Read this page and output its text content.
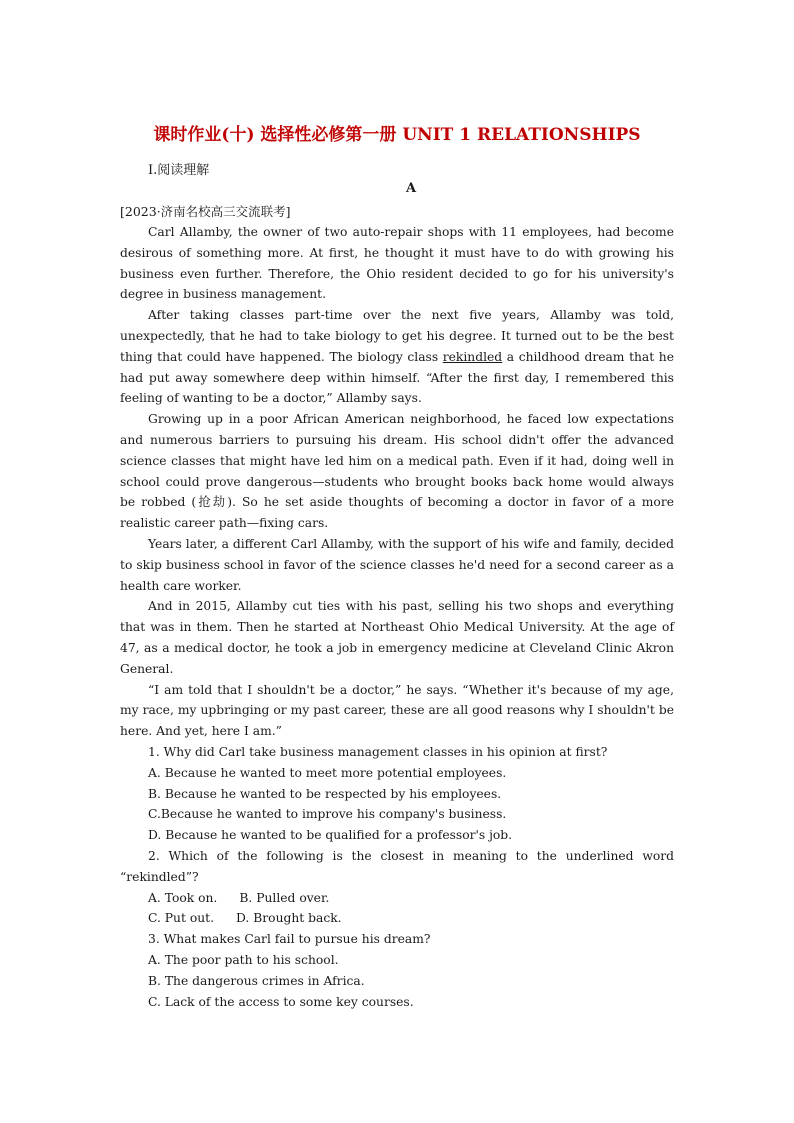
课时作业(十) 选择性必修第一册 UNIT 1 RELATIONSHIPS
Ⅰ.阅读理解
A
[2023·济南名校高三交流联考]

Carl Allamby, the owner of two auto-repair shops with 11 employees, had become desirous of something more. At first, he thought it must have to do with growing his business even further. Therefore, the Ohio resident decided to go for his university's degree in business management.

After taking classes part-time over the next five years, Allamby was told, unexpectedly, that he had to take biology to get his degree. It turned out to be the best thing that could have happened. The biology class rekindled a childhood dream that he had put away somewhere deep within himself. “After the first day, I remembered this feeling of wanting to be a doctor,” Allamby says.

Growing up in a poor African American neighborhood, he faced low expectations and numerous barriers to pursuing his dream. His school didn't offer the advanced science classes that might have led him on a medical path. Even if it had, doing well in school could prove dangerous—students who brought books back home would always be robbed (抢劫). So he set aside thoughts of becoming a doctor in favor of a more realistic career path—fixing cars.

Years later, a different Carl Allamby, with the support of his wife and family, decided to skip business school in favor of the science classes he'd need for a second career as a health care worker.

And in 2015, Allamby cut ties with his past, selling his two shops and everything that was in them. Then he started at Northeast Ohio Medical University. At the age of 47, as a medical doctor, he took a job in emergency medicine at Cleveland Clinic Akron General.

“I am told that I shouldn't be a doctor,” he says. “Whether it's because of my age, my race, my upbringing or my past career, these are all good reasons why I shouldn't be here. And yet, here I am.”

1. Why did Carl take business management classes in his opinion at first?

A. Because he wanted to meet more potential employees.

B. Because he wanted to be respected by his employees.

C.Because he wanted to improve his company's business.

D. Because he wanted to be qualified for a professor's job.

2. Which of the following is the closest in meaning to the underlined word “rekindled”?

A. Took on. B. Pulled over.

C. Put out. D. Brought back.

3. What makes Carl fail to pursue his dream?

A. The poor path to his school.

B. The dangerous crimes in Africa.

C. Lack of the access to some key courses.
